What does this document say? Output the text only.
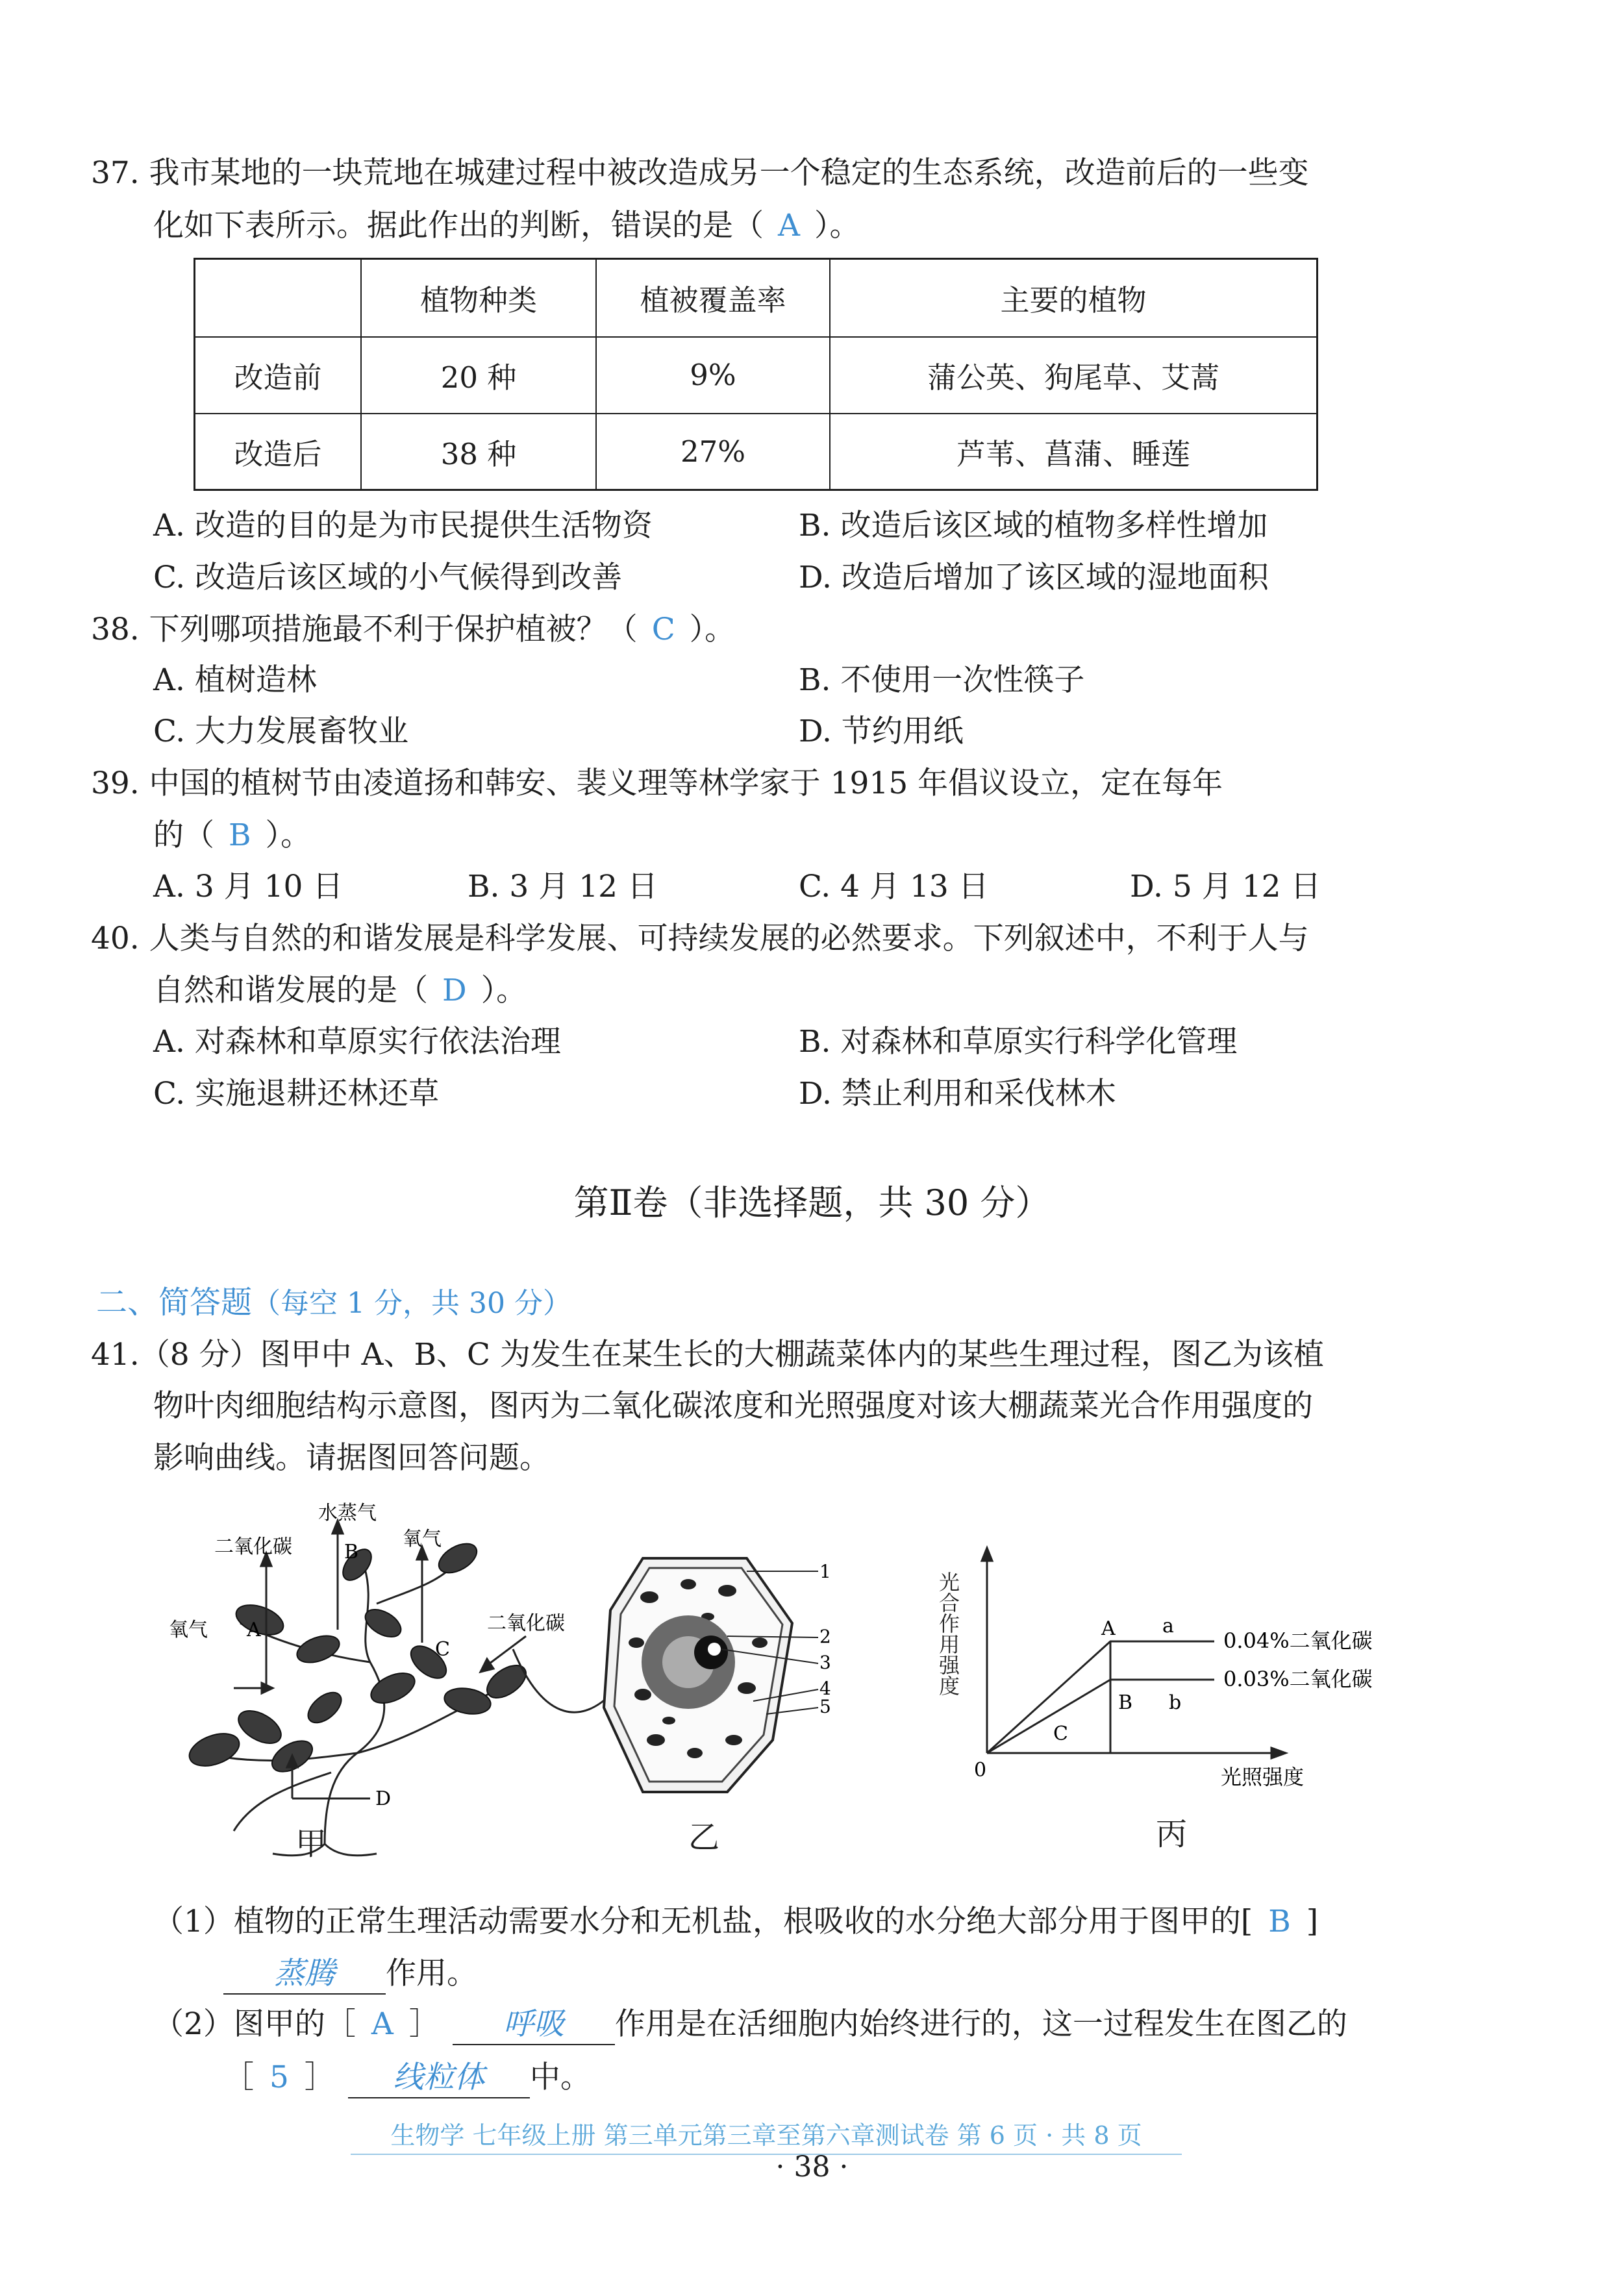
37. 我市某地的一块荒地在城建过程中被改造成另一个稳定的生态系统，改造前后的一些变
化如下表所示。据此作出的判断，错误的是（ A ）。
	植物种类	植被覆盖率	主要的植物
改造前	20 种	9%	蒲公英、狗尾草、艾蒿
改造后	38 种	27%	芦苇、菖蒲、睡莲
A. 改造的目的是为市民提供生活物资	B. 改造后该区域的植物多样性增加
C. 改造后该区域的小气候得到改善	D. 改造后增加了该区域的湿地面积
38. 下列哪项措施最不利于保护植被？（ C ）。
A. 植树造林	B. 不使用一次性筷子
C. 大力发展畜牧业	D. 节约用纸
39. 中国的植树节由凌道扬和韩安、裴义理等林学家于 1915 年倡议设立，定在每年
的（ B ）。
A. 3 月 10 日	B. 3 月 12 日	C. 4 月 13 日	D. 5 月 12 日
40. 人类与自然的和谐发展是科学发展、可持续发展的必然要求。下列叙述中，不利于人与
自然和谐发展的是（ D ）。
A. 对森林和草原实行依法治理	B. 对森林和草原实行科学化管理
C. 实施退耕还林还草	D. 禁止利用和采伐林木
第Ⅱ卷（非选择题，共 30 分）
二、简答题（每空 1 分，共 30 分）
41.（8 分）图甲中 A、B、C 为发生在某生长的大棚蔬菜体内的某些生理过程，图乙为该植
物叶肉细胞结构示意图，图丙为二氧化碳浓度和光照强度对该大棚蔬菜光合作用强度的
影响曲线。请据图回答问题。
水蒸气
二氧化碳	B
氧气
氧气 A	二氧化碳
C
D
甲
1
2
3
4
5
乙
光合作用强度
0	光照强度
A a
B b
C
0.04%二氧化碳
0.03%二氧化碳
丙
（1）植物的正常生理活动需要水分和无机盐，根吸收的水分绝大部分用于图甲的[ B ]
蒸腾 作用。
（2）图甲的［ A ］ 呼吸 作用是在活细胞内始终进行的，这一过程发生在图乙的
［ 5 ］ 线粒体 中。
生物学 七年级上册 第三单元第三章至第六章测试卷 第 6 页 · 共 8 页
· 38 ·
